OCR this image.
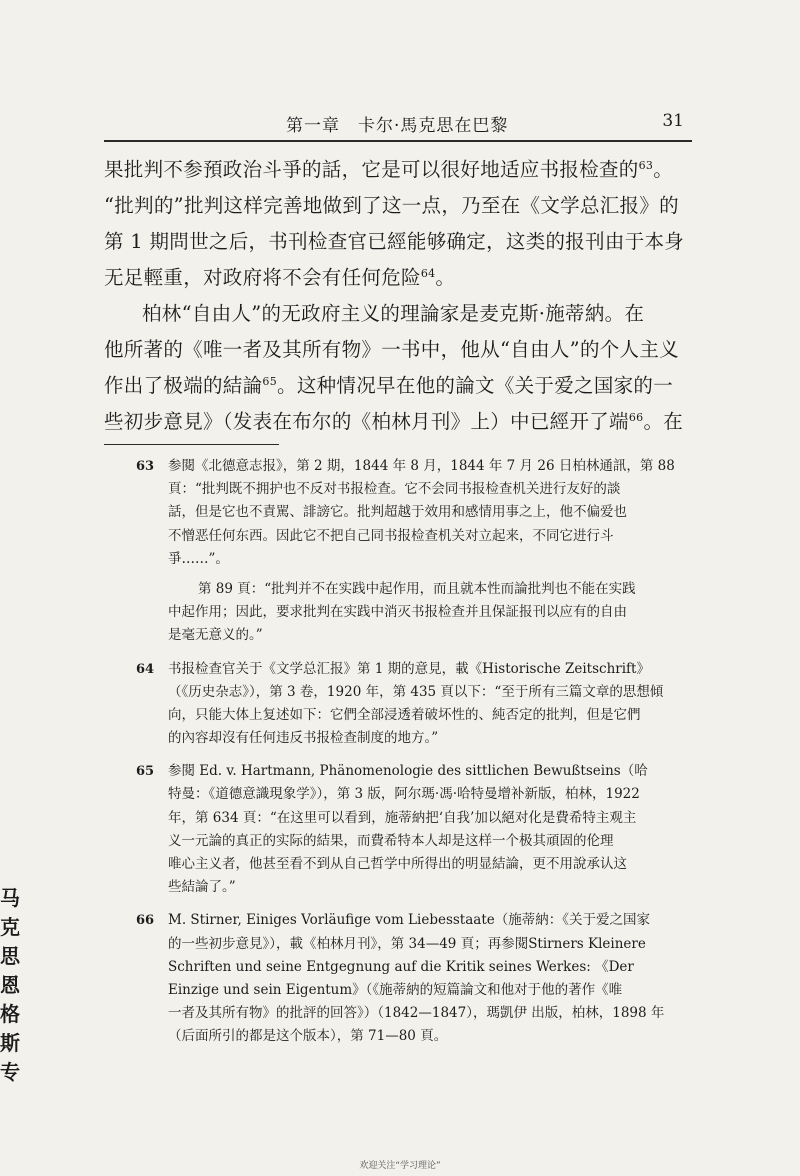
第一章　卡尔·馬克思在巴黎	31
果批判不参預政治斗爭的話，它是可以很好地适应书报检查的$^{63}$。
“批判的”批判这样完善地做到了这一点，乃至在《文学总汇报》的
第 1 期問世之后，书刊检查官已經能够确定，这类的报刊由于本身
无足輕重，对政府将不会有任何危险$^{64}$。
柏林“自由人”的无政府主义的理論家是麦克斯·施蒂納。在
他所著的《唯一者及其所有物》一书中，他从“自由人”的个人主义
作出了极端的結論$^{65}$。这种情况早在他的論文《关于爱之国家的一
些初步意見》（发表在布尔的《柏林月刊》上）中已經开了端$^{66}$。在
63 参閱《北德意志报》，第 2 期，1844 年 8 月，1844 年 7 月 26 日柏林通訊，第 88
頁：“批判既不拥护也不反对书报检查。它不会同书报检查机关进行友好的談
話，但是它也不責駡、誹謗它。批判超越于效用和感情用事之上，他不偏爱也
不憎恶任何东西。因此它不把自己同书报检查机关对立起来，不同它进行斗
爭……”。
第 89 頁：“批判并不在实践中起作用，而且就本性而論批判也不能在实践
中起作用；因此，要求批判在实践中消灭书报检查并且保証报刊以应有的自由
是毫无意义的。”
64 书报检查官关于《文学总汇报》第 1 期的意見，載《Historische Zeitschrift》
（《历史杂志》），第 3 卷，1920 年，第 435 頁以下：“至于所有三篇文章的思想傾
向，只能大体上复述如下：它們全部浸透着破坏性的、純否定的批判，但是它們
的內容却沒有任何违反书报检查制度的地方。”
65 参閱 Ed. v. Hartmann, Phänomenologie des sittlichen Bewußtseins（哈
特曼：《道德意識現象学》），第 3 版，阿尔瑪·馮·哈特曼增补新版，柏林，1922
年，第 634 頁：“在这里可以看到，施蒂納把‘自我’加以絕对化是費希特主观主
义一元論的真正的实际的結果，而費希特本人却是这样一个极其頑固的伦理
唯心主义者，他甚至看不到从自己哲学中所得出的明显結論，更不用說承认这
些結論了。”
66 M. Stirner, Einiges Vorläufige vom Liebesstaate（施蒂納：《关于爱之国家
的一些初步意見》），載《柏林月刊》，第 34—49 頁；再参閱Stirners Kleinere
Schriften und seine Entgegnung auf die Kritik seines Werkes: 《Der
Einzige und sein Eigentum》（《施蒂納的短篇論文和他对于他的著作《唯
一者及其所有物》的批評的回答》）（1842—1847），瑪凱伊 出版，柏林，1898 年
（后面所引的都是这个版本），第 71—80 頁。
马
克
思
恩
格
斯
专
欢迎关注“学习理论”
